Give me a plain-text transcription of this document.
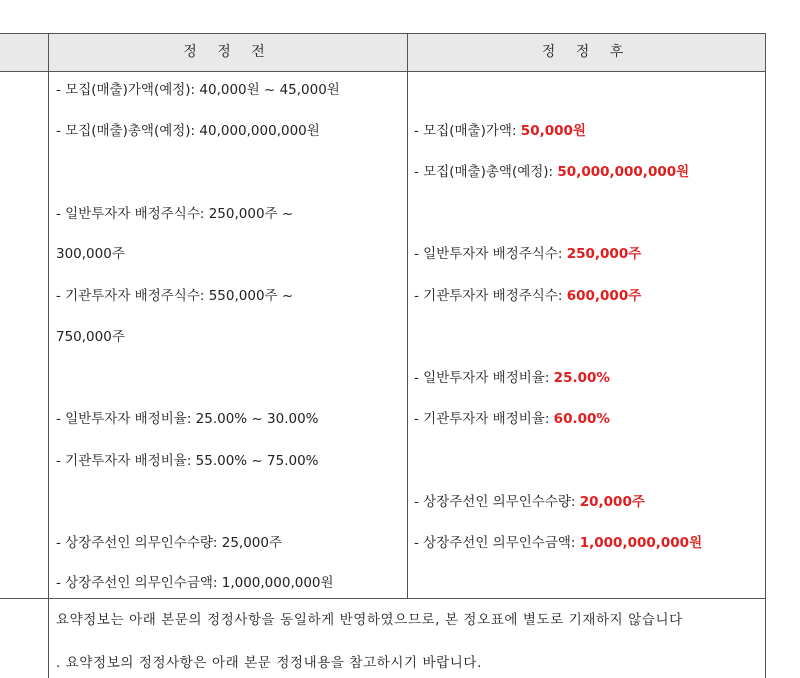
정 정 전	정 정 후
- 모집(매출)가액(예정): 40,000원 ~ 45,000원
- 모집(매출)총액(예정): 40,000,000,000원
- 일반투자자 배정주식수: 250,000주 ~
300,000주
- 기관투자자 배정주식수: 550,000주 ~
750,000주
- 일반투자자 배정비율: 25.00% ~ 30.00%
- 기관투자자 배정비율: 55.00% ~ 75.00%
- 상장주선인 의무인수수량: 25,000주
- 상장주선인 의무인수금액: 1,000,000,000원
- 모집(매출)가액: 50,000원
- 모집(매출)총액(예정): 50,000,000,000원
- 일반투자자 배정주식수: 250,000주
- 기관투자자 배정주식수: 600,000주
- 일반투자자 배정비율: 25.00%
- 기관투자자 배정비율: 60.00%
- 상장주선인 의무인수수량: 20,000주
- 상장주선인 의무인수금액: 1,000,000,000원
요약정보는 아래 본문의 정정사항을 동일하게 반영하였으므로, 본 정오표에 별도로 기재하지 않습니다
. 요약정보의 정정사항은 아래 본문 정정내용을 참고하시기 바랍니다.
